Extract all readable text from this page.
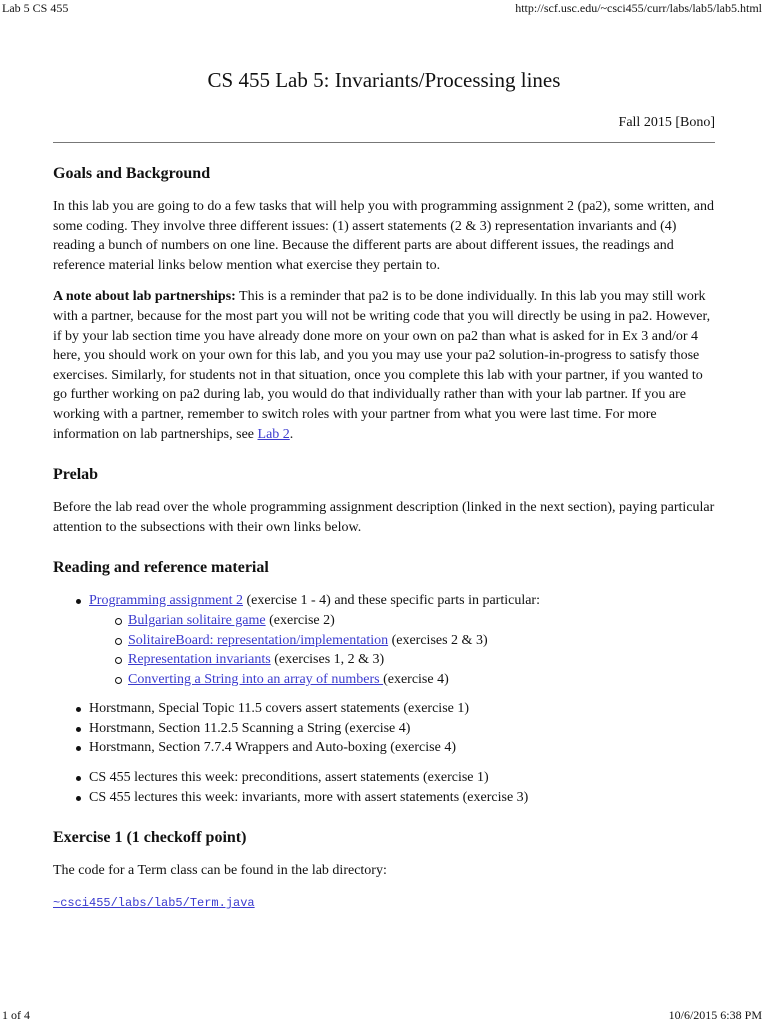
Lab 5 CS 455	http://scf.usc.edu/~csci455/curr/labs/lab5/lab5.html
CS 455 Lab 5: Invariants/Processing lines
Fall 2015 [Bono]
Goals and Background

In this lab you are going to do a few tasks that will help you with programming assignment 2 (pa2), some written, and some coding. They involve three different issues: (1) assert statements (2 & 3) representation invariants and (4) reading a bunch of numbers on one line. Because the different parts are about different issues, the readings and reference material links below mention what exercise they pertain to.

A note about lab partnerships: This is a reminder that pa2 is to be done individually. In this lab you may still work with a partner, because for the most part you will not be writing code that you will directly be using in pa2. However, if by your lab section time you have already done more on your own on pa2 than what is asked for in Ex 3 and/or 4 here, you should work on your own for this lab, and you you may use your pa2 solution-in-progress to satisfy those exercises. Similarly, for students not in that situation, once you complete this lab with your partner, if you wanted to go further working on pa2 during lab, you would do that individually rather than with your lab partner. If you are working with a partner, remember to switch roles with your partner from what you were last time. For more information on lab partnerships, see Lab 2.

Prelab

Before the lab read over the whole programming assignment description (linked in the next section), paying particular attention to the subsections with their own links below.

Reading and reference material
Programming assignment 2 (exercise 1 - 4) and these specific parts in particular:
Bulgarian solitaire game (exercise 2)
SolitaireBoard: representation/implementation (exercises 2 & 3)
Representation invariants (exercises 1, 2 & 3)
Converting a String into an array of numbers (exercise 4)
Horstmann, Special Topic 11.5 covers assert statements (exercise 1)
Horstmann, Section 11.2.5 Scanning a String (exercise 4)
Horstmann, Section 7.7.4 Wrappers and Auto-boxing (exercise 4)
CS 455 lectures this week: preconditions, assert statements (exercise 1)
CS 455 lectures this week: invariants, more with assert statements (exercise 3)
Exercise 1 (1 checkoff point)

The code for a Term class can be found in the lab directory:

~csci455/labs/lab5/Term.java

1 of 4	10/6/2015 6:38 PM
